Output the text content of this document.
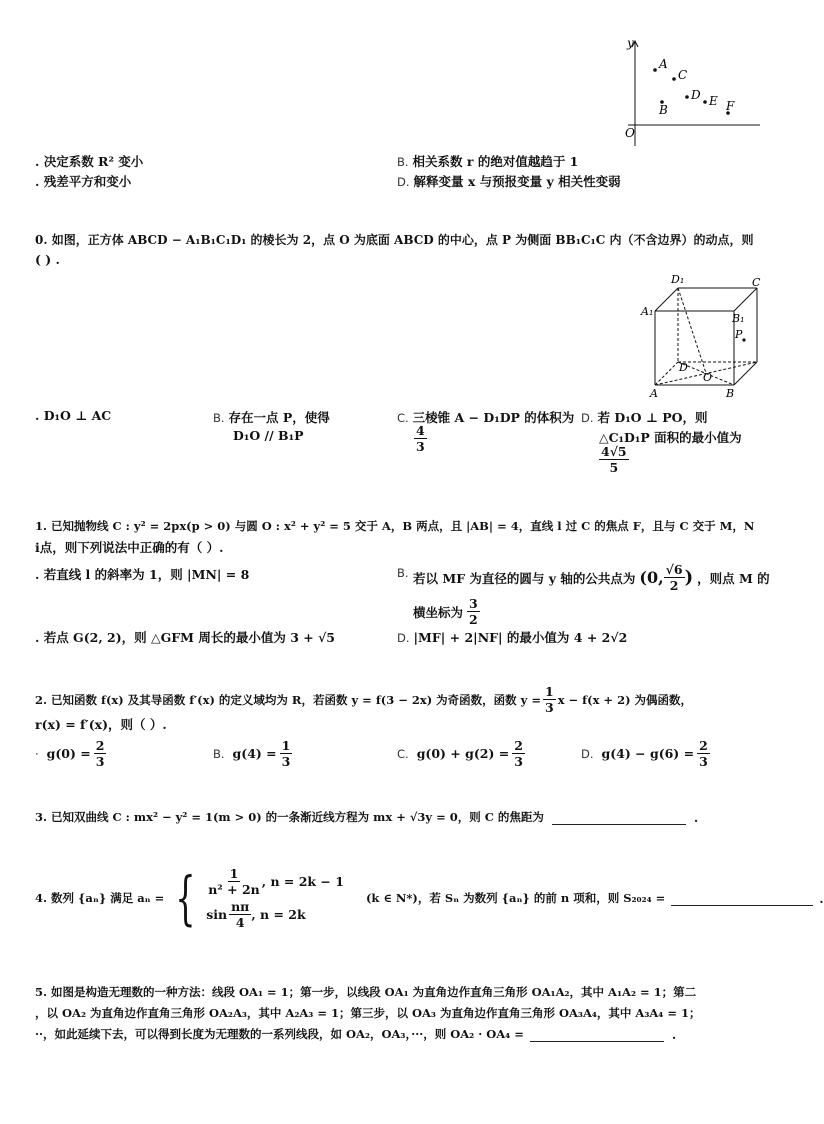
y
O
A
C
B
D E F
. 决定系数 R² 变小	B. 相关系数 r 的绝对值越趋于 1
. 残差平方和变小	D. 解释变量 x 与预报变量 y 相关性变弱
0. 如图，正方体 ABCD − A₁B₁C₁D₁ 的棱长为 2，点 O 为底面 ABCD 的中心，点 P 为侧面 BB₁C₁C 内（不含边界）的动点，则
( ) .
D₁	C
A₁
B₁
P
D
O
A	B
. D₁O ⊥ AC	B. 存在一点 P，使得
D₁O // B₁P
C. 三棱锥 A − D₁DP 的体积为
$\frac{4}{3}$
D. 若 D₁O ⊥ PO，则
△C₁D₁P 面积的最小值为
$\frac{4√5}{5}$
1. 已知抛物线 C : y² = 2px(p > 0) 与圆 O : x² + y² = 5 交于 A，B 两点，且 |AB| = 4，直线 l 过 C 的焦点 F，且与 C 交于 M，N
i点，则下列说法中正确的有（ ）.
. 若直线 l 的斜率为 1，则 |MN| = 8	B. 若以 MF 为直径的圆与 y 轴的公共点为 (0, $\frac{√6}{2}$ ) ，则点 M 的
横坐标为 $\frac{3}{2}$
. 若点 G(2, 2)，则 △GFM 周长的最小值为 3 + √5	D. |MF| + 2|NF| 的最小值为 4 + 2√2
2. 已知函数 f(x) 及其导函数 f′(x) 的定义域均为 R，若函数 y = f(3 − 2x) 为奇函数，函数 $y = \frac{1}{3}$ x − f(x + 2) 为偶函数，
r(x) = f′(x)，则（ ）.
· $g(0) = \frac{2}{3}$	B. $g(4) = \frac{1}{3}$	C. $g(0) + g(2) = \frac{2}{3}$	D. $g(4) - g(6) = \frac{2}{3}$
3. 已知双曲线 C : mx² − y² = 1(m > 0) 的一条渐近线方程为 mx + √3y = 0，则 C 的焦距为	.
4. 数列 {aₙ} 满足 aₙ = { $\frac{1}{\text{n² + 2n}}$ , n = 2k − 1
$\sin \frac{n\pi}{4}$ , n = 2k
(k ∈ N*)，若 Sₙ 为数列 {aₙ} 的前 n 项和，则 S₂₀₂₄ =	.
5. 如图是构造无理数的一种方法：线段 OA₁ = 1；第一步，以线段 OA₁ 为直角边作直角三角形 OA₁A₂，其中 A₁A₂ = 1；第二
，以 OA₂ 为直角边作直角三角形 OA₂A₃，其中 A₂A₃ = 1；第三步，以 OA₃ 为直角边作直角三角形 OA₃A₄，其中 A₃A₄ = 1；
··，如此延续下去，可以得到长度为无理数的一系列线段，如 OA₂，OA₃，···，则 OA₂ · OA₄ =	.
